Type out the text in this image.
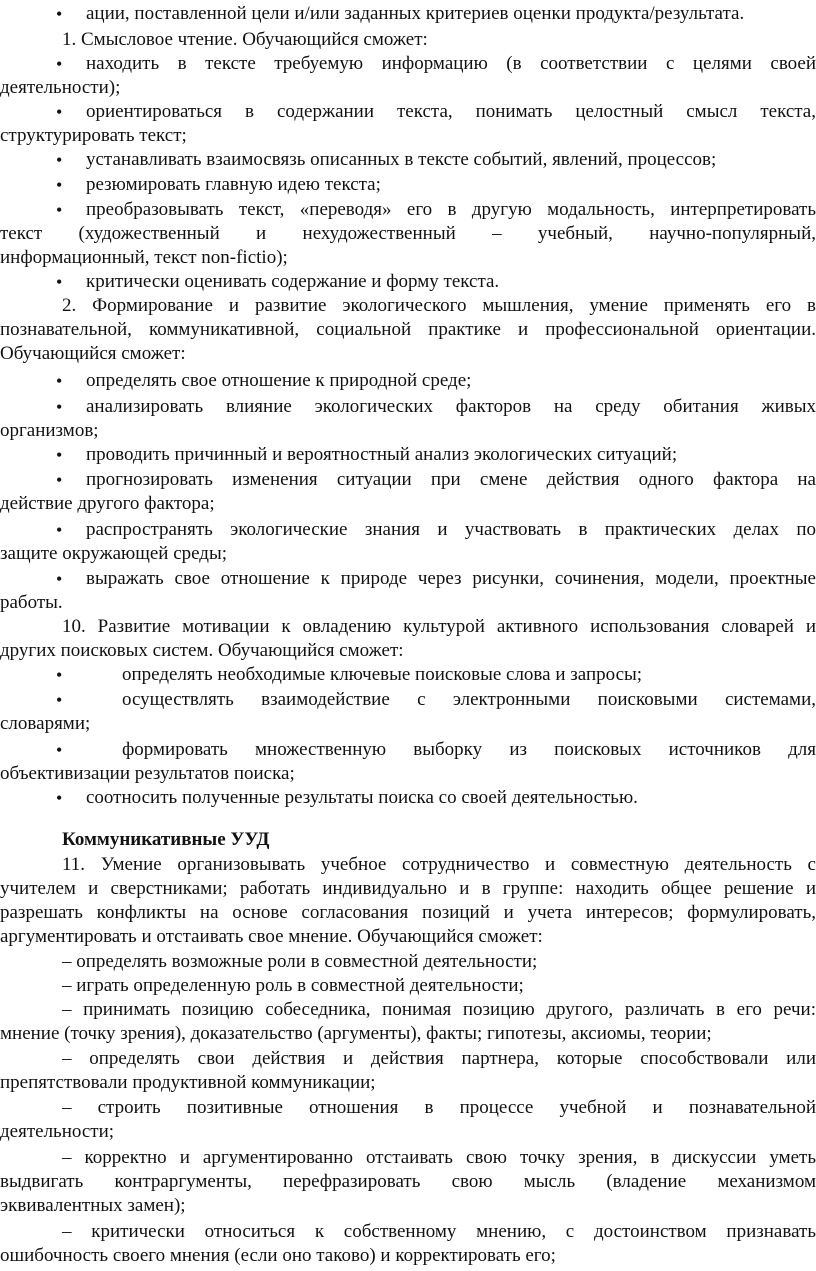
ации, поставленной цели и/или заданных критериев оценки продукта/результата.
1. Смысловое чтение. Обучающийся сможет:
• находить в тексте требуемую информацию (в соответствии с целями своей
деятельности);
• ориентироваться в содержании текста, понимать целостный смысл текста,
структурировать текст;
устанавливать взаимосвязь описанных в тексте событий, явлений, процессов;
резюмировать главную идею текста;
• преобразовывать текст, «переводя» его в другую модальность, интерпретировать
текст (художественный и нехудожественный – учебный, научно-популярный,
информационный, текст non-fictio);
критически оценивать содержание и форму текста.
2. Формирование и развитие экологического мышления, умение применять его в
познавательной, коммуникативной, социальной практике и профессиональной ориентации.
Обучающийся сможет:
определять свое отношение к природной среде;
• анализировать влияние экологических факторов на среду обитания живых
организмов;
проводить причинный и вероятностный анализ экологических ситуаций;
• прогнозировать изменения ситуации при смене действия одного фактора на
действие другого фактора;
• распространять экологические знания и участвовать в практических делах по
защите окружающей среды;
• выражать свое отношение к природе через рисунки, сочинения, модели, проектные
работы.
10. Развитие мотивации к овладению культурой активного использования словарей и
других поисковых систем. Обучающийся сможет:
определять необходимые ключевые поисковые слова и запросы;
• осуществлять взаимодействие с электронными поисковыми системами,
словарями;
• формировать множественную выборку из поисковых источников для
объективизации результатов поиска;
соотносить полученные результаты поиска со своей деятельностью.
Коммуникативные УУД
11. Умение организовывать учебное сотрудничество и совместную деятельность с
учителем и сверстниками; работать индивидуально и в группе: находить общее решение и
разрешать конфликты на основе согласования позиций и учета интересов; формулировать,
аргументировать и отстаивать свое мнение. Обучающийся сможет:
– определять возможные роли в совместной деятельности;
– играть определенную роль в совместной деятельности;
– принимать позицию собеседника, понимая позицию другого, различать в его речи:
мнение (точку зрения), доказательство (аргументы), факты; гипотезы, аксиомы, теории;
– определять свои действия и действия партнера, которые способствовали или
препятствовали продуктивной коммуникации;
– строить позитивные отношения в процессе учебной и познавательной
деятельности;
– корректно и аргументированно отстаивать свою точку зрения, в дискуссии уметь
выдвигать контраргументы, перефразировать свою мысль (владение механизмом
эквивалентных замен);
– критически относиться к собственному мнению, с достоинством признавать
ошибочность своего мнения (если оно таково) и корректировать его;
